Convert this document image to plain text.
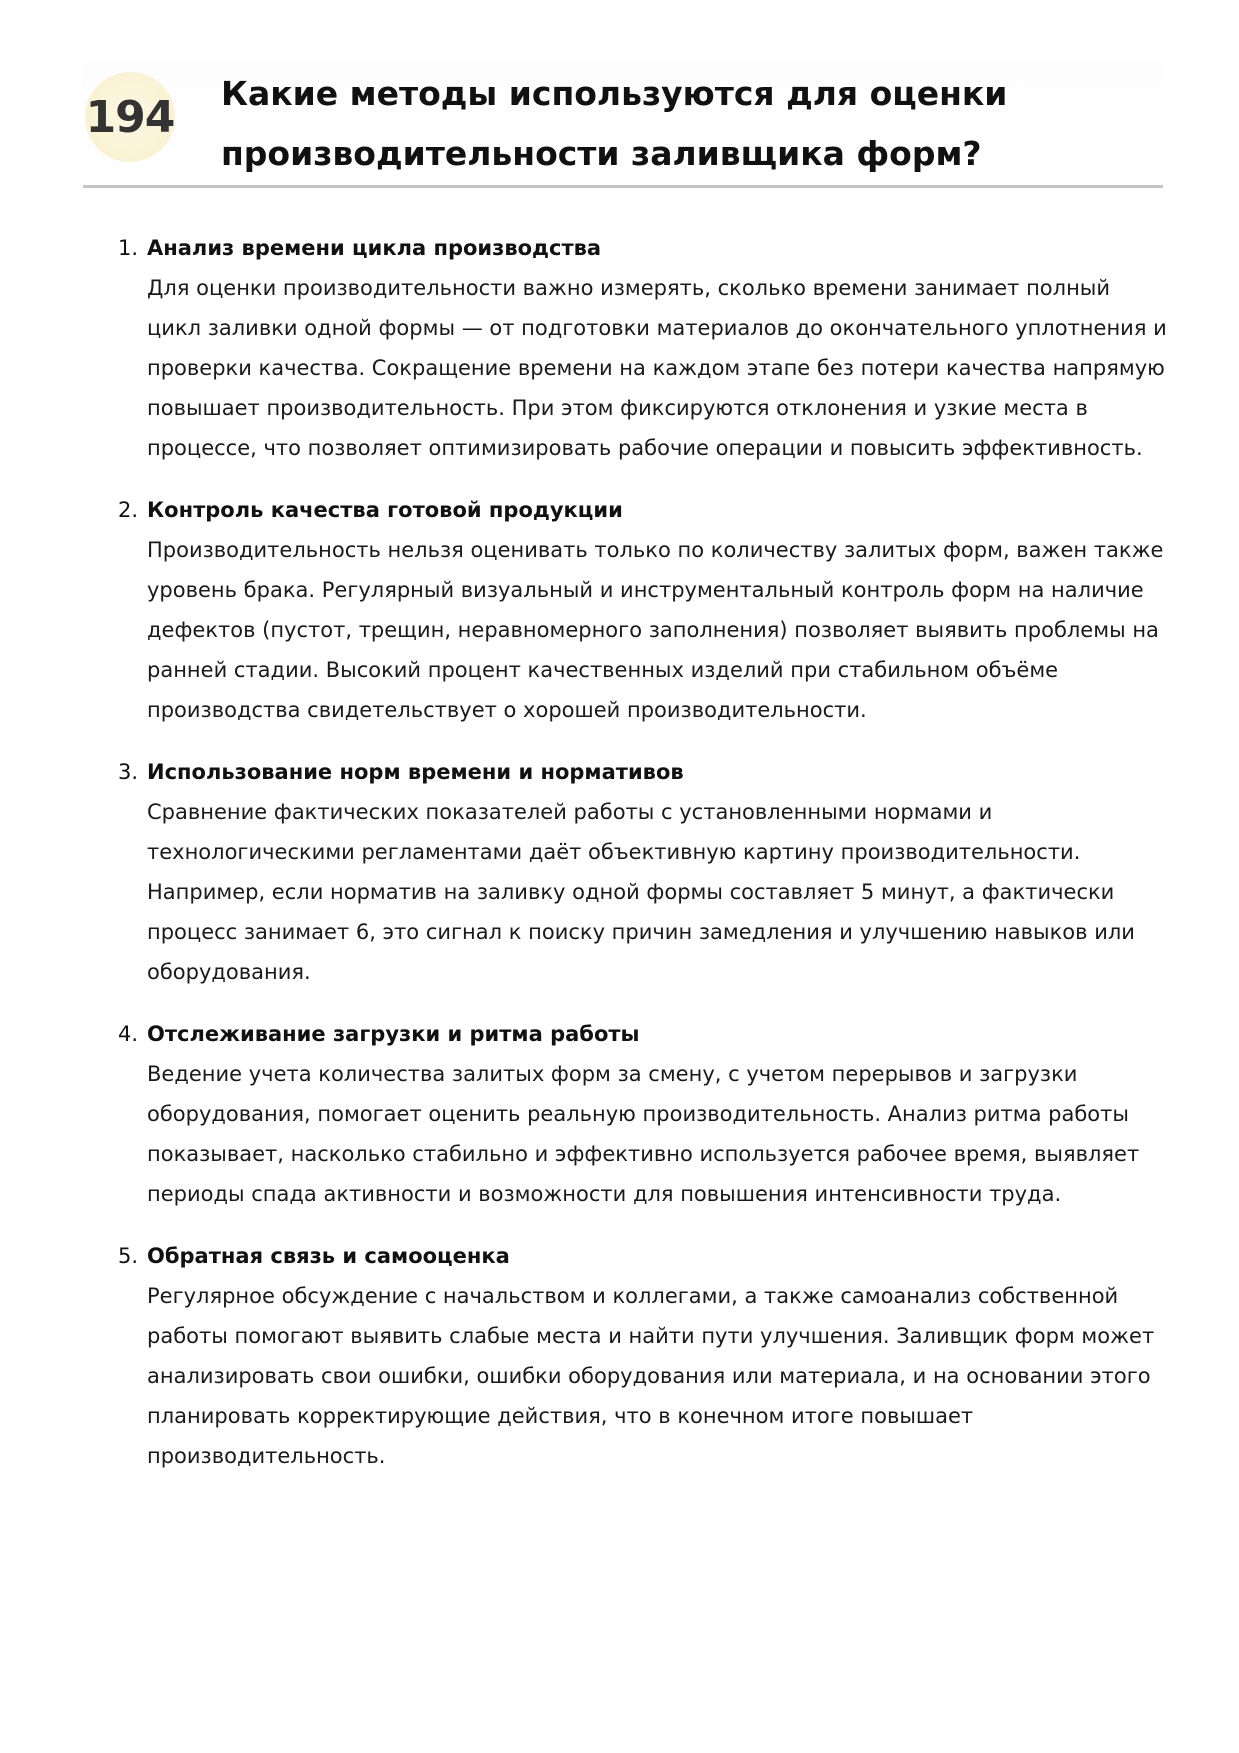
194 Какие методы используются для оценки
производительности заливщика форм?
1. Анализ времени цикла производства

Для оценки производительности важно измерять, сколько времени занимает полный цикл заливки одной формы — от подготовки материалов до окончательного уплотнения и проверки качества. Сокращение времени на каждом этапе без потери качества напрямую повышает производительность. При этом фиксируются отклонения и узкие места в процессе, что позволяет оптимизировать рабочие операции и повысить эффективность.

2. Контроль качества готовой продукции

Производительность нельзя оценивать только по количеству залитых форм, важен также уровень брака. Регулярный визуальный и инструментальный контроль форм на наличие дефектов (пустот, трещин, неравномерного заполнения) позволяет выявить проблемы на ранней стадии. Высокий процент качественных изделий при стабильном объёме производства свидетельствует о хорошей производительности.

3. Использование норм времени и нормативов

Сравнение фактических показателей работы с установленными нормами и технологическими регламентами даёт объективную картину производительности. Например, если норматив на заливку одной формы составляет 5 минут, а фактически процесс занимает 6, это сигнал к поиску причин замедления и улучшению навыков или оборудования.

4. Отслеживание загрузки и ритма работы

Ведение учета количества залитых форм за смену, с учетом перерывов и загрузки оборудования, помогает оценить реальную производительность. Анализ ритма работы показывает, насколько стабильно и эффективно используется рабочее время, выявляет периоды спада активности и возможности для повышения интенсивности труда.

5. Обратная связь и самооценка

Регулярное обсуждение с начальством и коллегами, а также самоанализ собственной работы помогают выявить слабые места и найти пути улучшения. Заливщик форм может анализировать свои ошибки, ошибки оборудования или материала, и на основании этого планировать корректирующие действия, что в конечном итоге повышает производительность.
